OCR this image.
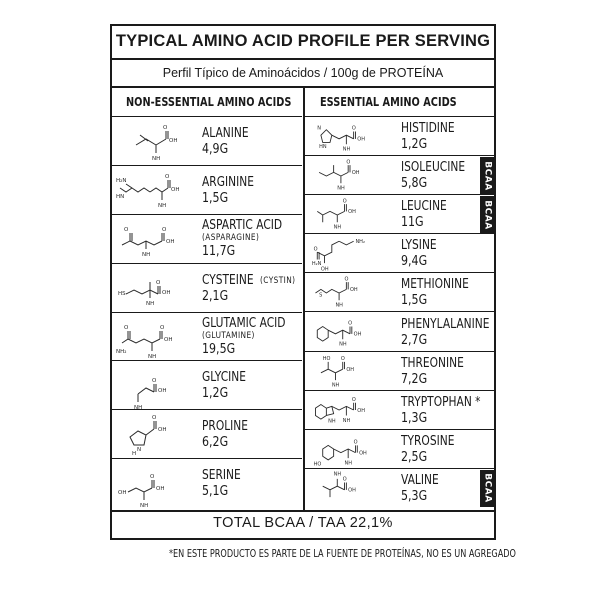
TYPICAL AMINO ACID PROFILE PER SERVING
Perfil Típico de Aminoácidos / 100g de PROTEÍNA
NON-ESSENTIAL AMINO ACIDS ESSENTIAL AMINO ACIDS
OH
O
NH
ALANINE
4,9G
H₂N
HN
OH
O
NH
ARGININE
1,5G
O	O
OH
NH
ASPARTIC ACID
(ASPARAGINE)
11,7G
HS	OH
O
NH
CYSTEINE (CYSTIN)
2,1G
O	O
OH
NH₂
NH
GLUTAMIC ACID
(GLUTAMINE)
19,5G
OH
O
NH
GLYCINE
1,2G
OH
O
N
H
PROLINE
6,2G
OH
OH
O
NH
SERINE
5,1G
N
HN
OH
O
NH
HISTIDINE
1,2G
OH
O
NH
ISOLEUCINE
5,8G	BCAA
OH
O
NH
LEUCINE
11G	BCAA
NH₂
H₂N
OH
O	LYSINE
9,4G
S
OH
O
NH
METHIONINE
1,5G
OH
O
NH
PHENYLALANINE
2,7G
OH
O
HO
NH
THREONINE
7,2G
NH
OH
O
NH
TRYPTOPHAN *
1,3G
HO
OH
O
NH
TYROSINE
2,5G
OH
O
NH	VALINE
5,3G	BCAA
TOTAL BCAA / TAA 22,1%
*EN ESTE PRODUCTO ES PARTE DE LA FUENTE DE PROTEÍNAS, NO ES UN AGREGADO
